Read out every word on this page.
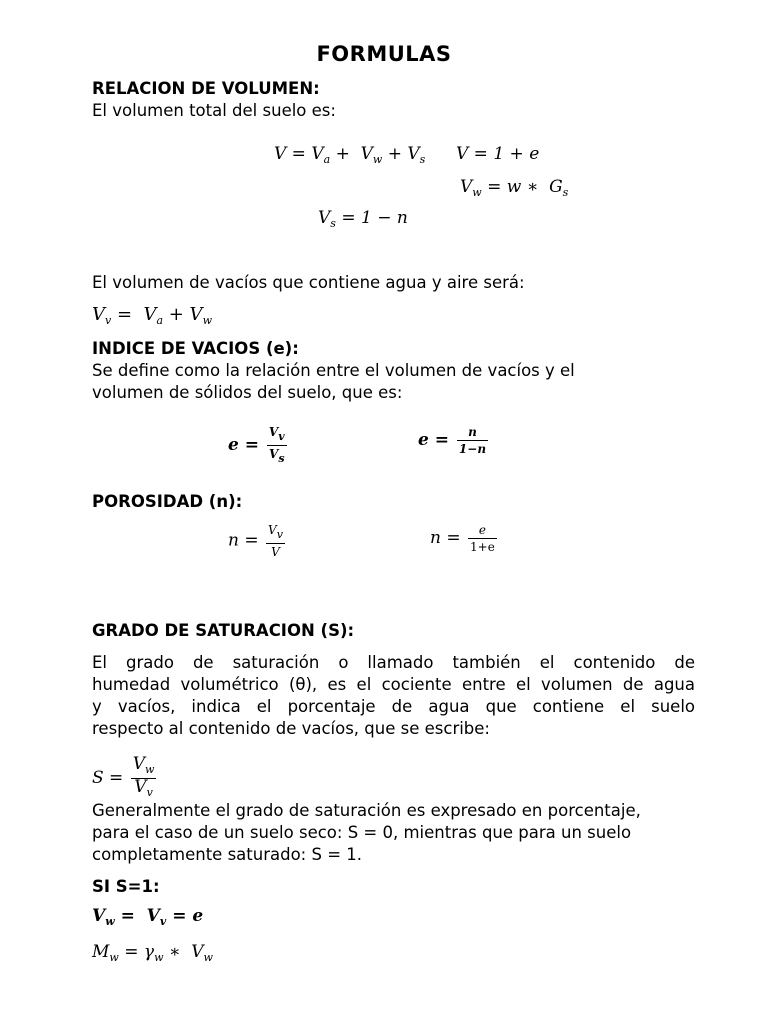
FORMULAS
RELACION DE VOLUMEN:
El volumen total del suelo es:
$V = V_a + V_w + V_s$ V = 1 + e
$V_w = w$ ∗  $G_s$
$V_s = 1 - n$
El volumen de vacíos que contiene agua y aire será:
$V_v = V_a + V_w$
INDICE DE VACIOS (e):
Se define como la relación entre el volumen de vacíos y el
volumen de sólidos del suelo, que es:
$e = \frac{V_v}{V_s}$	$e = \frac{n}{1-n}$
POROSIDAD (n):
$n = \frac{V_v}{V}$	$n = \frac{e}{1+e}$
GRADO DE SATURACION (S):
El grado de saturación o llamado también el contenido de
humedad volumétrico (θ), es el cociente entre el volumen de agua
y vacíos, indica el porcentaje de agua que contiene el suelo
respecto al contenido de vacíos, que se escribe:
$S = \frac{V_w}{V_v}$
Generalmente el grado de saturación es expresado en porcentaje,
para el caso de un suelo seco: S = 0, mientras que para un suelo
completamente saturado: S = 1.
SI S=1:
$V_w = V_v = e$
$M_w = \gamma_w$ ∗  $V_w$
